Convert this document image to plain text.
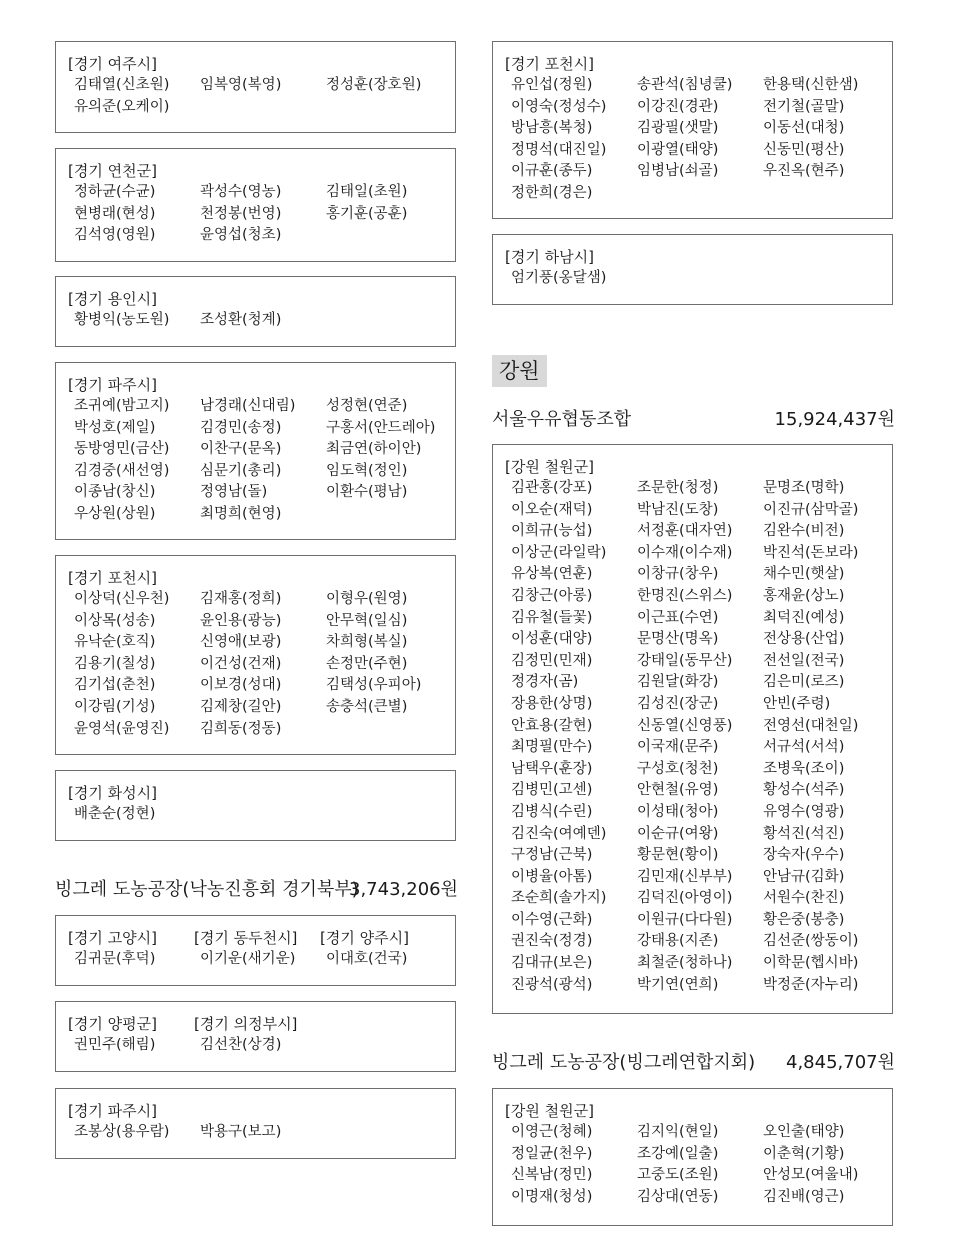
[경기 여주시]
김태열(신초원)	임복영(복영)	정성훈(장호원)
유의준(오케이)
[경기 연천군]
정하균(수균)	곽성수(영농)	김태일(초원)
현병래(현성)	천정봉(번영)	홍기훈(공훈)
김석영(영원)	윤영섭(청초)
[경기 용인시]
황병익(농도원)	조성환(청계)
[경기 파주시]
조귀예(밤고지)	남경래(신대림)	성정현(연준)
박성호(제일)	김경민(송정)	구홍서(안드레아)
동방영민(금산)	이찬구(문옥)	최금연(하이안)
김경중(새선영)	심문기(총리)	임도혁(정인)
이종남(창신)	정영남(돌)	이환수(평남)
우상원(상원)	최명희(현영)
[경기 포천시]
이상덕(신우천)	김재홍(정희)	이형우(원영)
이상목(성송)	윤인용(광능)	안무혁(일심)
유낙순(호직)	신영애(보광)	차희형(복실)
김용기(칠성)	이건성(건재)	손정만(주현)
김기섭(춘천)	이보경(성대)	김택성(우피아)
이강림(기성)	김제창(길안)	송충석(큰별)
윤영석(윤영진)	김희동(정동)
[경기 화성시]
배춘순(정현)
빙그레 도농공장(낙농진흥회 경기북부)
3,743,206원
[경기 고양시] [경기 동두천시] [경기 양주시]
김귀문(후덕)	이기운(새기운)	이대호(건국)
[경기 양평군] [경기 의정부시]
권민주(해림)	김선찬(상경)
[경기 파주시]
조봉상(용우람)	박용구(보고)
[경기 포천시]
유인섭(정원)	송관석(침녕쿨)	한용택(신한샘)
이영숙(정성수)	이강진(경관)	전기철(골말)
방남흥(복청)	김광필(샛말)	이동선(대청)
정명석(대진일)	이광열(태양)	신동민(평산)
이규훈(종두)	임병남(쇠골)	우진옥(현주)
정한희(경은)
[경기 하남시]
엄기풍(옹달샘)
강원
서울우유협동조합	15,924,437원
[강원 철원군]
김관홍(강포)	조문한(청정)	문명조(명학)
이오순(재덕)	박남진(도창)	이진규(삼막골)
이희규(능섭)	서정훈(대자연)	김완수(비전)
이상군(라일락)	이수재(이수재)	박진석(돈보라)
유상복(연훈)	이창규(창우)	채수민(햇살)
김창근(아롱)	한명진(스위스)	홍재윤(상노)
김유철(들꽃)	이근표(수연)	최덕진(예성)
이성훈(대양)	문명산(명옥)	전상용(산업)
김정민(민재)	강태일(동무산)	전선일(전국)
정경자(곰)	김원달(화강)	김은미(로즈)
장용한(상명)	김성진(장군)	안빈(주령)
안효용(갈현)	신동열(신영풍)	전영선(대천일)
최명필(만수)	이국재(문주)	서규석(서석)
남택우(훈장)	구성호(청천)	조병욱(조이)
김병민(고센)	안현철(유영)	황성수(석주)
김병식(수린)	이성태(청아)	유영수(영광)
김진숙(여예덴)	이순규(여왕)	황석진(석진)
구정남(근북)	황문현(황이)	장숙자(우수)
이병율(아톰)	김민재(신부부)	안남규(김화)
조순희(솔가지)	김덕진(아영이)	서원수(찬진)
이수영(근화)	이원규(다다원)	황은중(봉충)
권진숙(정경)	강태용(지존)	김선준(쌍동이)
김대규(보은)	최철준(청하나)	이학문(헵시바)
진광석(광석)	박기연(연희)	박정준(자누리)
빙그레 도농공장(빙그레연합지회) 4,845,707원
[강원 철원군]
이영근(청혜)	김지익(현일)	오인출(태양)
정일균(천우)	조강예(일출)	이춘혁(기황)
신복남(정민)	고중도(조원)	안성모(여울내)
이명재(청성)	김상대(연동)	김진배(영근)
